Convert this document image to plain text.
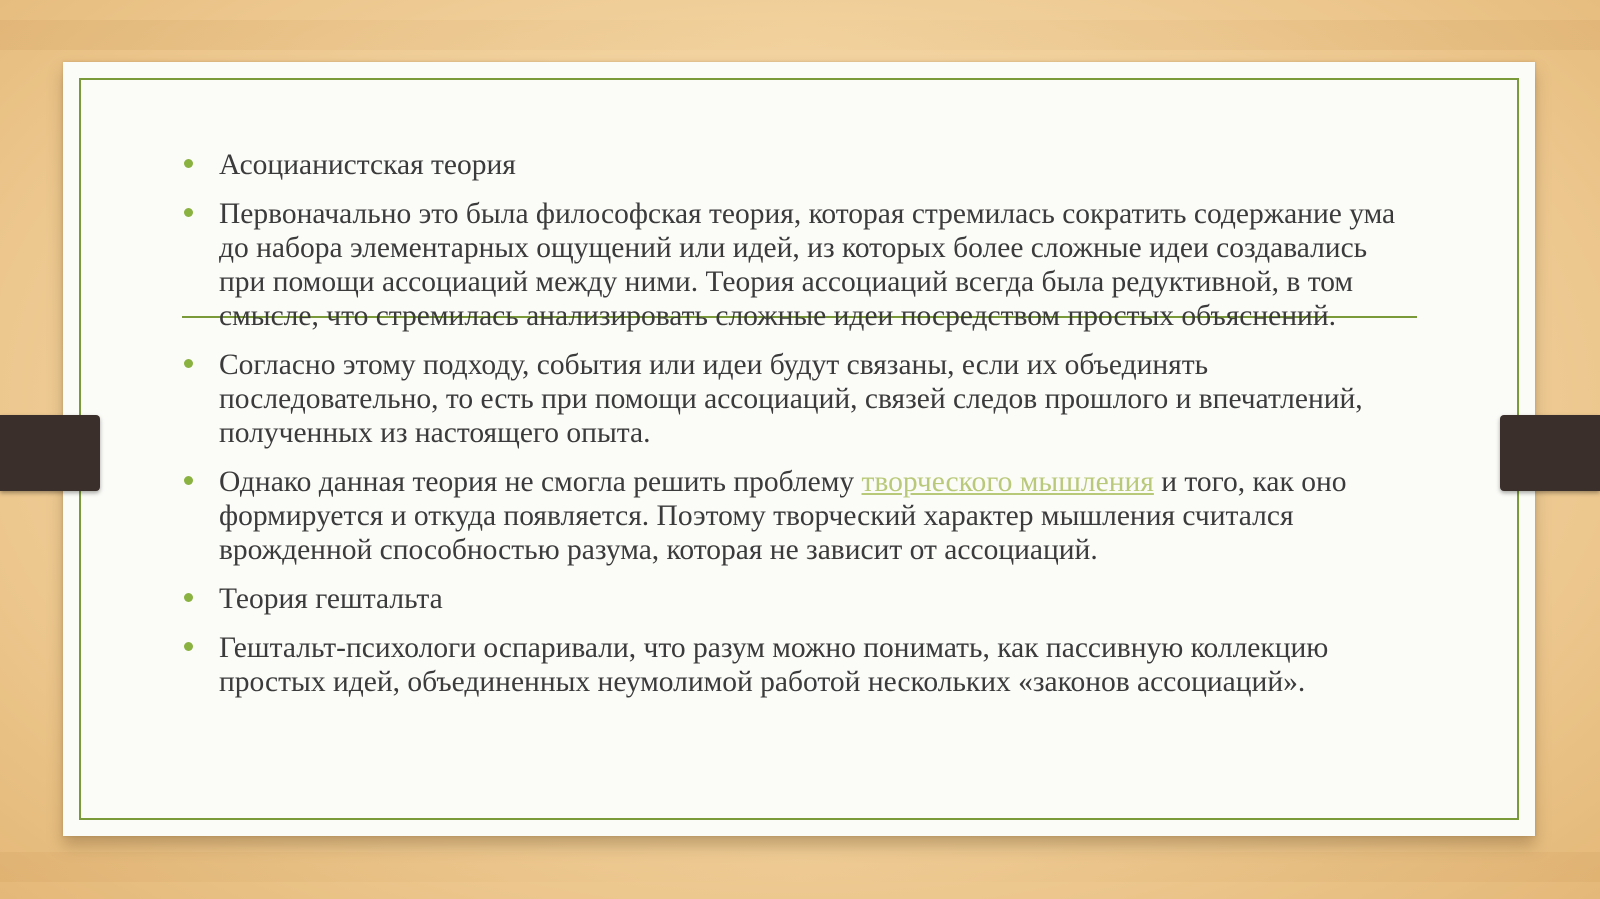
Асоцианистская теория
Первоначально это была философская теория, которая стремилась сократить содержание ума до набора элементарных ощущений или идей, из которых более сложные идеи создавались при помощи ассоциаций между ними. Теория ассоциаций всегда была редуктивной, в том смысле, что стремилась анализировать сложные идеи посредством простых объяснений.
Согласно этому подходу, события или идеи будут связаны, если их объединять последовательно, то есть при помощи ассоциаций, связей следов прошлого и впечатлений, полученных из настоящего опыта.
Однако данная теория не смогла решить проблему творческого мышления и того, как оно формируется и откуда появляется. Поэтому творческий характер мышления считался врожденной способностью разума, которая не зависит от ассоциаций.
Теория гештальта
Гештальт-психологи оспаривали, что разум можно понимать, как пассивную коллекцию простых идей, объединенных неумолимой работой нескольких «законов ассоциаций».
